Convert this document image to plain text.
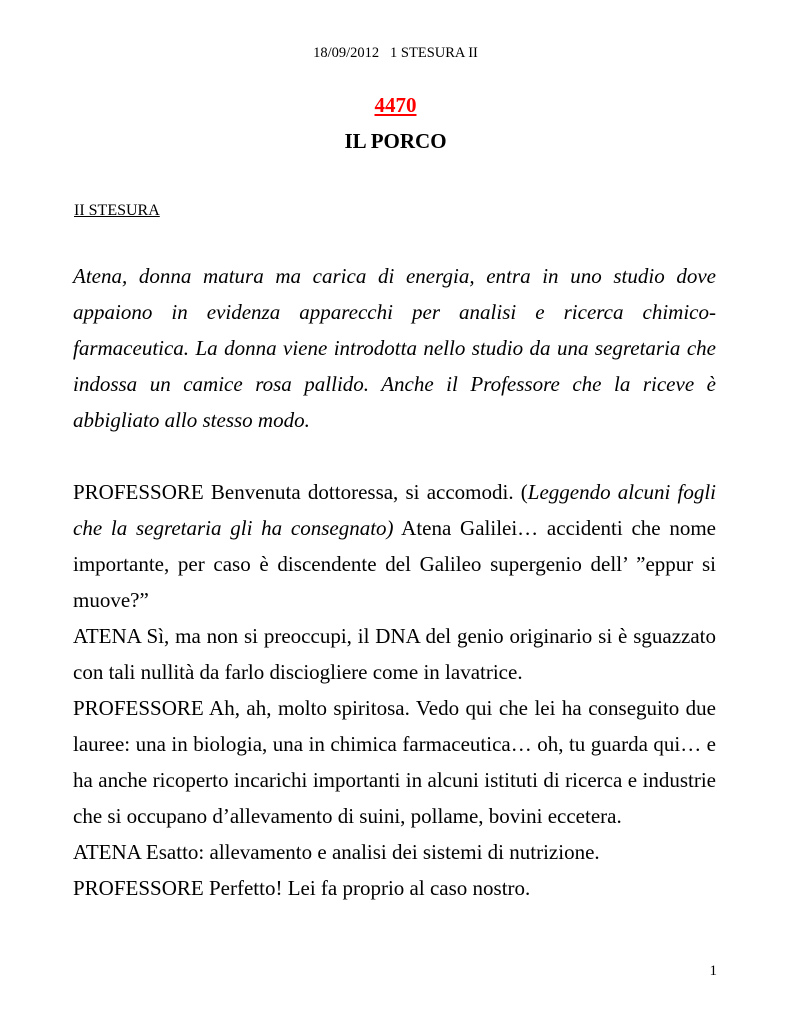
18/09/2012 1 STESURA II
4470
IL PORCO
II STESURA
Atena, donna matura ma carica di energia, entra in uno studio dove appaiono in evidenza apparecchi per analisi e ricerca chimico-farmaceutica. La donna viene introdotta nello studio da una segretaria che indossa un camice rosa pallido. Anche il Professore che la riceve è abbigliato allo stesso modo.

PROFESSORE Benvenuta dottoressa, si accomodi. (Leggendo alcuni fogli che la segretaria gli ha consegnato) Atena Galilei… accidenti che nome importante, per caso è discendente del Galileo supergenio dell’ ”eppur si muove?”

ATENA Sì, ma non si preoccupi, il DNA del genio originario si è sguazzato con tali nullità da farlo disciogliere come in lavatrice.

PROFESSORE Ah, ah, molto spiritosa. Vedo qui che lei ha conseguito due lauree: una in biologia, una in chimica farmaceutica… oh, tu guarda qui… e ha anche ricoperto incarichi importanti in alcuni istituti di ricerca e industrie che si occupano d’allevamento di suini, pollame, bovini eccetera.

ATENA Esatto: allevamento e analisi dei sistemi di nutrizione.

PROFESSORE Perfetto! Lei fa proprio al caso nostro.

1
